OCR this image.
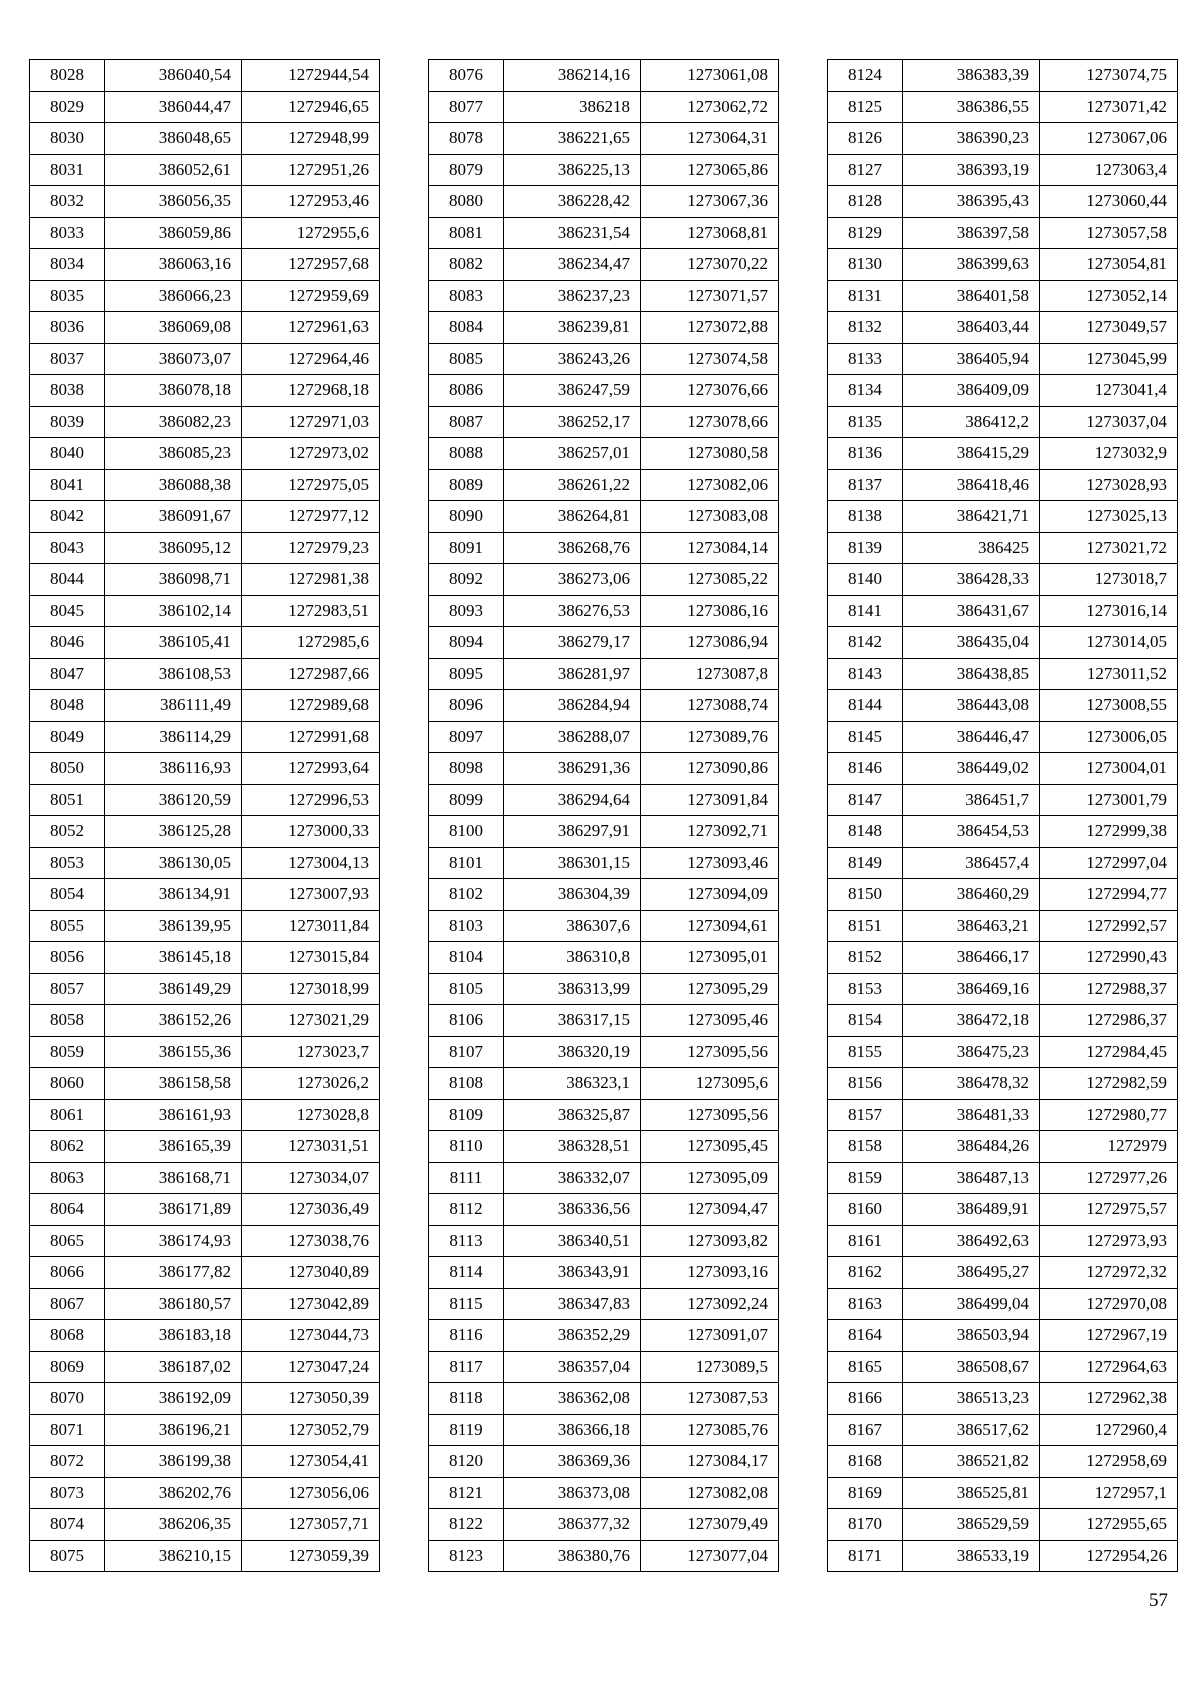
8028	386040,54	1272944,54
8029	386044,47	1272946,65
8030	386048,65	1272948,99
8031	386052,61	1272951,26
8032	386056,35	1272953,46
8033	386059,86	1272955,6
8034	386063,16	1272957,68
8035	386066,23	1272959,69
8036	386069,08	1272961,63
8037	386073,07	1272964,46
8038	386078,18	1272968,18
8039	386082,23	1272971,03
8040	386085,23	1272973,02
8041	386088,38	1272975,05
8042	386091,67	1272977,12
8043	386095,12	1272979,23
8044	386098,71	1272981,38
8045	386102,14	1272983,51
8046	386105,41	1272985,6
8047	386108,53	1272987,66
8048	386111,49	1272989,68
8049	386114,29	1272991,68
8050	386116,93	1272993,64
8051	386120,59	1272996,53
8052	386125,28	1273000,33
8053	386130,05	1273004,13
8054	386134,91	1273007,93
8055	386139,95	1273011,84
8056	386145,18	1273015,84
8057	386149,29	1273018,99
8058	386152,26	1273021,29
8059	386155,36	1273023,7
8060	386158,58	1273026,2
8061	386161,93	1273028,8
8062	386165,39	1273031,51
8063	386168,71	1273034,07
8064	386171,89	1273036,49
8065	386174,93	1273038,76
8066	386177,82	1273040,89
8067	386180,57	1273042,89
8068	386183,18	1273044,73
8069	386187,02	1273047,24
8070	386192,09	1273050,39
8071	386196,21	1273052,79
8072	386199,38	1273054,41
8073	386202,76	1273056,06
8074	386206,35	1273057,71
8075	386210,15	1273059,39
8076	386214,16	1273061,08
8077	386218	1273062,72
8078	386221,65	1273064,31
8079	386225,13	1273065,86
8080	386228,42	1273067,36
8081	386231,54	1273068,81
8082	386234,47	1273070,22
8083	386237,23	1273071,57
8084	386239,81	1273072,88
8085	386243,26	1273074,58
8086	386247,59	1273076,66
8087	386252,17	1273078,66
8088	386257,01	1273080,58
8089	386261,22	1273082,06
8090	386264,81	1273083,08
8091	386268,76	1273084,14
8092	386273,06	1273085,22
8093	386276,53	1273086,16
8094	386279,17	1273086,94
8095	386281,97	1273087,8
8096	386284,94	1273088,74
8097	386288,07	1273089,76
8098	386291,36	1273090,86
8099	386294,64	1273091,84
8100	386297,91	1273092,71
8101	386301,15	1273093,46
8102	386304,39	1273094,09
8103	386307,6	1273094,61
8104	386310,8	1273095,01
8105	386313,99	1273095,29
8106	386317,15	1273095,46
8107	386320,19	1273095,56
8108	386323,1	1273095,6
8109	386325,87	1273095,56
8110	386328,51	1273095,45
8111	386332,07	1273095,09
8112	386336,56	1273094,47
8113	386340,51	1273093,82
8114	386343,91	1273093,16
8115	386347,83	1273092,24
8116	386352,29	1273091,07
8117	386357,04	1273089,5
8118	386362,08	1273087,53
8119	386366,18	1273085,76
8120	386369,36	1273084,17
8121	386373,08	1273082,08
8122	386377,32	1273079,49
8123	386380,76	1273077,04
8124	386383,39	1273074,75
8125	386386,55	1273071,42
8126	386390,23	1273067,06
8127	386393,19	1273063,4
8128	386395,43	1273060,44
8129	386397,58	1273057,58
8130	386399,63	1273054,81
8131	386401,58	1273052,14
8132	386403,44	1273049,57
8133	386405,94	1273045,99
8134	386409,09	1273041,4
8135	386412,2	1273037,04
8136	386415,29	1273032,9
8137	386418,46	1273028,93
8138	386421,71	1273025,13
8139	386425	1273021,72
8140	386428,33	1273018,7
8141	386431,67	1273016,14
8142	386435,04	1273014,05
8143	386438,85	1273011,52
8144	386443,08	1273008,55
8145	386446,47	1273006,05
8146	386449,02	1273004,01
8147	386451,7	1273001,79
8148	386454,53	1272999,38
8149	386457,4	1272997,04
8150	386460,29	1272994,77
8151	386463,21	1272992,57
8152	386466,17	1272990,43
8153	386469,16	1272988,37
8154	386472,18	1272986,37
8155	386475,23	1272984,45
8156	386478,32	1272982,59
8157	386481,33	1272980,77
8158	386484,26	1272979
8159	386487,13	1272977,26
8160	386489,91	1272975,57
8161	386492,63	1272973,93
8162	386495,27	1272972,32
8163	386499,04	1272970,08
8164	386503,94	1272967,19
8165	386508,67	1272964,63
8166	386513,23	1272962,38
8167	386517,62	1272960,4
8168	386521,82	1272958,69
8169	386525,81	1272957,1
8170	386529,59	1272955,65
8171	386533,19	1272954,26
57
